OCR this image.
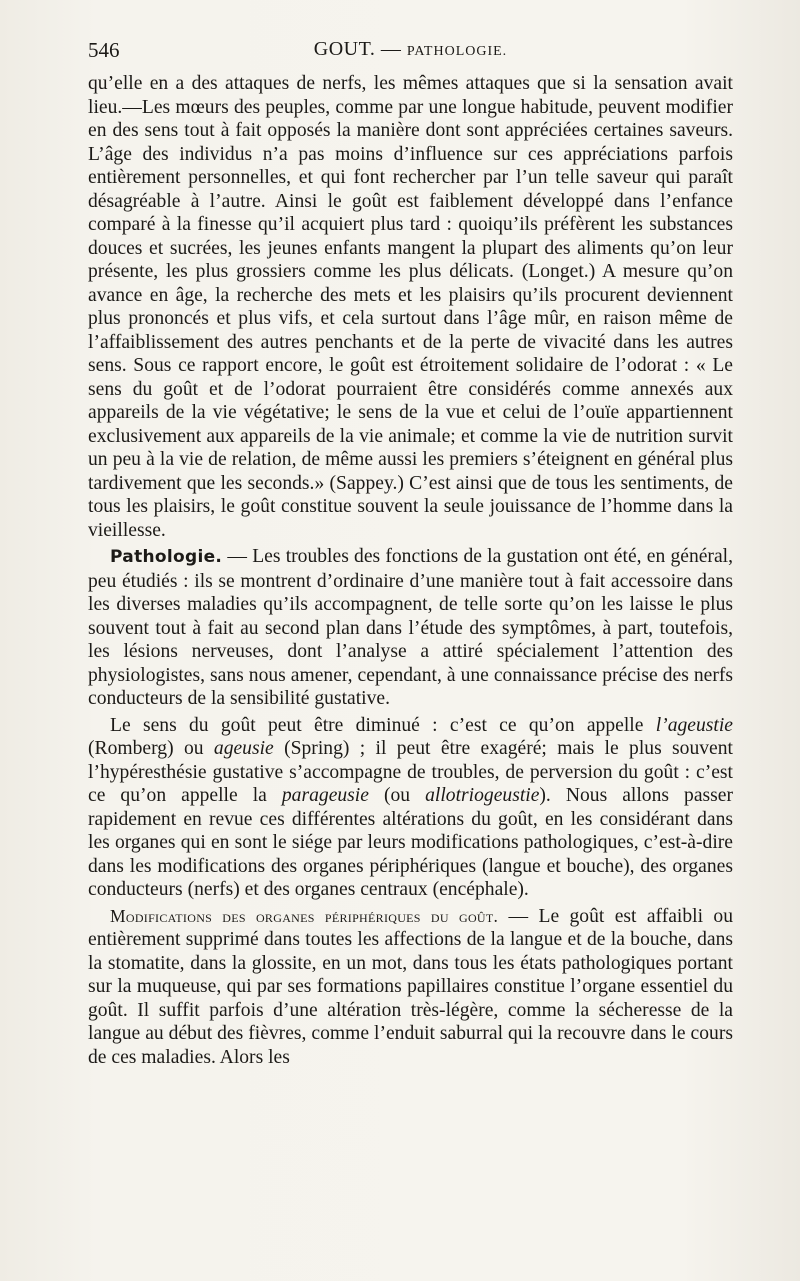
546	GOUT. — PATHOLOGIE.

qu’elle en a des attaques de nerfs, les mêmes attaques que si la sensation avait lieu.—Les mœurs des peuples, comme par une longue habitude, peuvent modifier en des sens tout à fait opposés la manière dont sont appréciées certaines saveurs. L’âge des individus n’a pas moins d’influence sur ces appréciations parfois entièrement personnelles, et qui font rechercher par l’un telle saveur qui paraît désagréable à l’autre. Ainsi le goût est faiblement développé dans l’enfance comparé à la finesse qu’il acquiert plus tard : quoiqu’ils préfèrent les substances douces et sucrées, les jeunes enfants mangent la plupart des aliments qu’on leur présente, les plus grossiers comme les plus délicats. (Longet.) A mesure qu’on avance en âge, la recherche des mets et les plaisirs qu’ils procurent deviennent plus prononcés et plus vifs, et cela surtout dans l’âge mûr, en raison même de l’affaiblissement des autres penchants et de la perte de vivacité dans les autres sens. Sous ce rapport encore, le goût est étroitement solidaire de l’odorat : « Le sens du goût et de l’odorat pourraient être considérés comme annexés aux appareils de la vie végétative; le sens de la vue et celui de l’ouïe appartiennent exclusivement aux appareils de la vie animale; et comme la vie de nutrition survit un peu à la vie de relation, de même aussi les premiers s’éteignent en général plus tardivement que les seconds.» (Sappey.) C’est ainsi que de tous les sentiments, de tous les plaisirs, le goût constitue souvent la seule jouissance de l’homme dans la vieillesse.

Pathologie. — Les troubles des fonctions de la gustation ont été, en général, peu étudiés : ils se montrent d’ordinaire d’une manière tout à fait accessoire dans les diverses maladies qu’ils accompagnent, de telle sorte qu’on les laisse le plus souvent tout à fait au second plan dans l’étude des symptômes, à part, toutefois, les lésions nerveuses, dont l’analyse a attiré spécialement l’attention des physiologistes, sans nous amener, cependant, à une connaissance précise des nerfs conducteurs de la sensibilité gustative.

Le sens du goût peut être diminué : c’est ce qu’on appelle l’ageustie (Romberg) ou ageusie (Spring) ; il peut être exagéré; mais le plus souvent l’hypéresthésie gustative s’accompagne de troubles, de perversion du goût : c’est ce qu’on appelle la parageusie (ou allotriogeustie). Nous allons passer rapidement en revue ces différentes altérations du goût, en les considérant dans les organes qui en sont le siége par leurs modifications pathologiques, c’est-à-dire dans les modifications des organes périphériques (langue et bouche), des organes conducteurs (nerfs) et des organes centraux (encéphale).

Modifications des organes périphériques du goût. — Le goût est affaibli ou entièrement supprimé dans toutes les affections de la langue et de la bouche, dans la stomatite, dans la glossite, en un mot, dans tous les états pathologiques portant sur la muqueuse, qui par ses formations papillaires constitue l’organe essentiel du goût. Il suffit parfois d’une altération très-légère, comme la sécheresse de la langue au début des fièvres, comme l’enduit saburral qui la recouvre dans le cours de ces maladies. Alors les
